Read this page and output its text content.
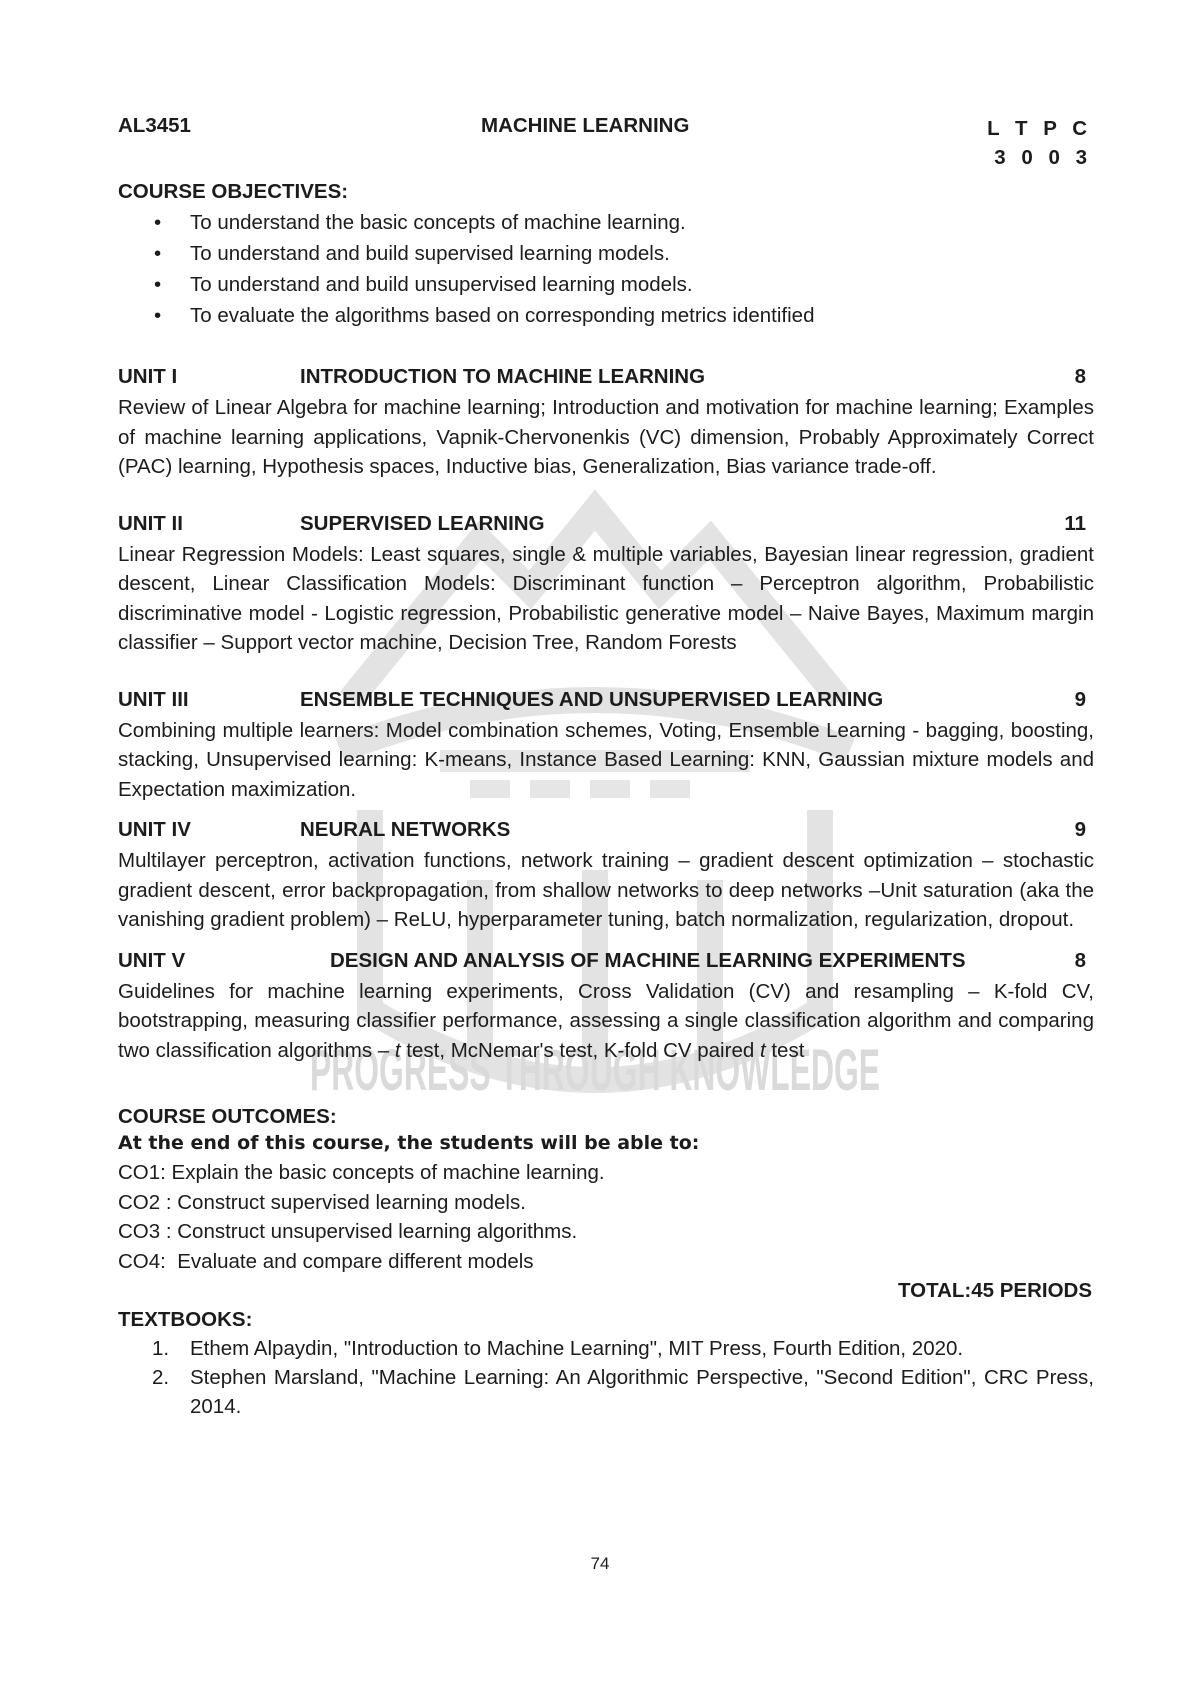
PROGRESS THROUGH KNOWLEDGE
AL3451	MACHINE LEARNING	L T P C
3 0 0 3
COURSE OBJECTIVES:
• To understand the basic concepts of machine learning.
• To understand and build supervised learning models.
• To understand and build unsupervised learning models.
• To evaluate the algorithms based on corresponding metrics identified
UNIT I	INTRODUCTION TO MACHINE LEARNING	8

Review of Linear Algebra for machine learning; Introduction and motivation for machine learning; Examples of machine learning applications, Vapnik-Chervonenkis (VC) dimension, Probably Approximately Correct (PAC) learning, Hypothesis spaces, Inductive bias, Generalization, Bias variance trade-off.

UNIT II	SUPERVISED LEARNING	11

Linear Regression Models: Least squares, single & multiple variables, Bayesian linear regression, gradient descent, Linear Classification Models: Discriminant function – Perceptron algorithm, Probabilistic discriminative model - Logistic regression, Probabilistic generative model – Naive Bayes, Maximum margin classifier – Support vector machine, Decision Tree, Random Forests

UNIT III	ENSEMBLE TECHNIQUES AND UNSUPERVISED LEARNING	9

Combining multiple learners: Model combination schemes, Voting, Ensemble Learning - bagging, boosting, stacking, Unsupervised learning: K-means, Instance Based Learning: KNN, Gaussian mixture models and Expectation maximization.

UNIT IV	NEURAL NETWORKS	9

Multilayer perceptron, activation functions, network training – gradient descent optimization – stochastic gradient descent, error backpropagation, from shallow networks to deep networks –Unit saturation (aka the vanishing gradient problem) – ReLU, hyperparameter tuning, batch normalization, regularization, dropout.

UNIT V	DESIGN AND ANALYSIS OF MACHINE LEARNING EXPERIMENTS	8

Guidelines for machine learning experiments, Cross Validation (CV) and resampling – K-fold CV, bootstrapping, measuring classifier performance, assessing a single classification algorithm and comparing two classification algorithms – t test, McNemar's test, K-fold CV paired t test

COURSE OUTCOMES:
At the end of this course, the students will be able to:
CO1: Explain the basic concepts of machine learning.
CO2 : Construct supervised learning models.
CO3 : Construct unsupervised learning algorithms.
CO4:  Evaluate and compare different models
TOTAL:45 PERIODS
TEXTBOOKS:
1. Ethem Alpaydin, "Introduction to Machine Learning", MIT Press, Fourth Edition, 2020.
2. Stephen Marsland, "Machine Learning: An Algorithmic Perspective, "Second Edition", CRC Press, 2014.
74
